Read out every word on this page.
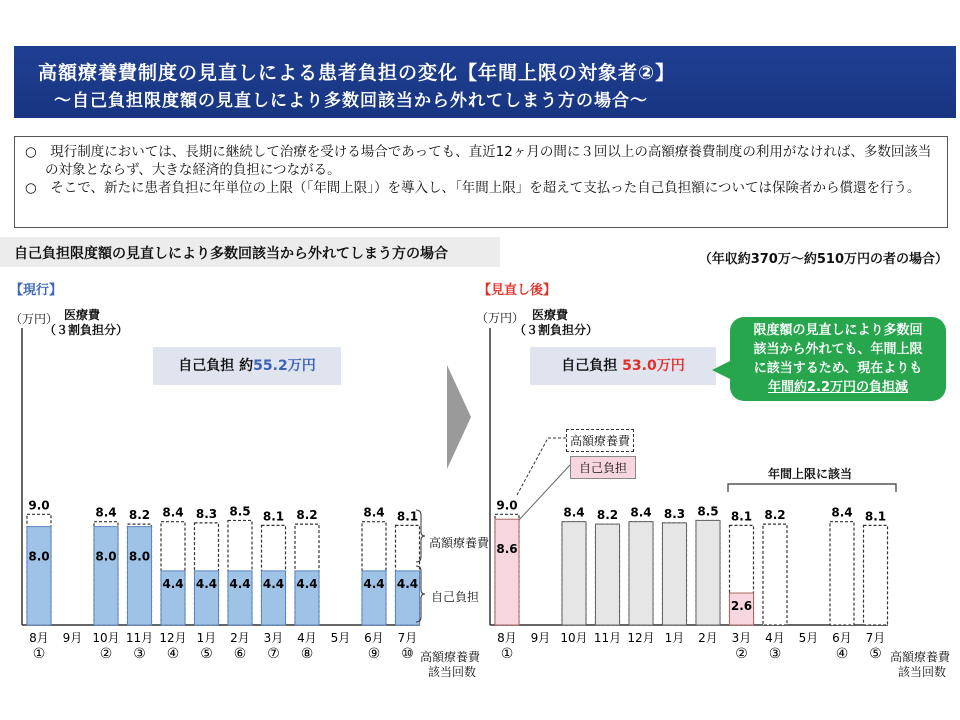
高額療養費制度の見直しによる患者負担の変化【年間上限の対象者②】
～自己負担限度額の見直しにより多数回該当から外れてしまう方の場合～
○　現行制度においては、長期に継続して治療を受ける場合であっても、直近12ヶ月の間に３回以上の高額療養費制度の利用がなければ、多数回該当の対象とならず、大きな経済的負担につながる。
○　そこで、新たに患者負担に年単位の上限（「年間上限」）を導入し、「年間上限」を超えて支払った自己負担額については保険者から償還を行う。
自己負担限度額の見直しにより多数回該当から外れてしまう方の場合	（年収約370万～約510万円の者の場合）
【現行】
（万円） 医療費
（３割負担分）
自己負担 約55.2万円
高額療養費
自己負担
高額療養費
該当回数
【見直し後】
（万円） 医療費
（３割負担分）
自己負担 53.0万円
限度額の見直しにより多数回
該当から外れても、年間上限
に該当するため、現在よりも
年間約2.2万円の負担減
高額療養費
自己負担	年間上限に該当
高額療養費
該当回数
8.0
9.0
8月
①
9月
8.0
8.4
10月
②
8.0
8.2
11月
③
4.4
8.4
12月
④
4.4
8.3
1月
⑤
4.4
8.5
2月
⑥
4.4
8.1
3月
⑦
4.4
8.2
4月
⑧
5月
4.4
8.4
6月
⑨
4.4
8.1
7月
⑩
8.6
9.0
8月
①
9月
8.4
10月
8.2
11月
8.4
12月
8.3
1月
8.5
2月
2.6
8.1
3月
②
8.2
4月
③
5月
8.4
6月
④
8.1
7月
⑤
